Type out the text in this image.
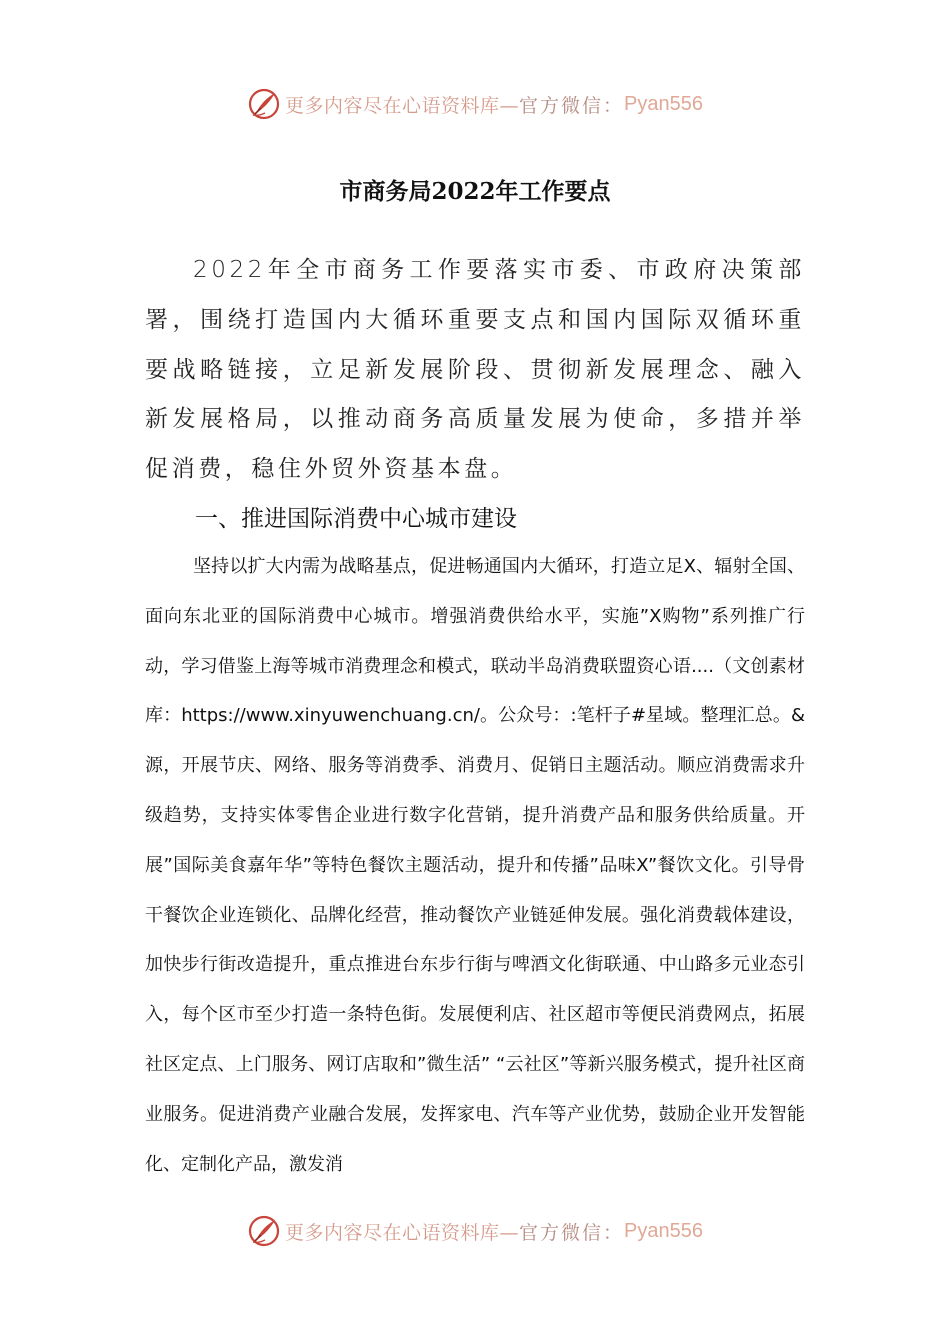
更多内容尽在心语资料库— 官方微信： Pyan556
市商务局2022年工作要点

2022年全市商务工作要落实市委、市政府决策部署，围绕打造国内大循环重要支点和国内国际双循环重要战略链接，立足新发展阶段、贯彻新发展理念、融入新发展格局，以推动商务高质量发展为使命，多措并举促消费，稳住外贸外资基本盘。

一、推进国际消费中心城市建设

坚持以扩大内需为战略基点，促进畅通国内大循环，打造立足X、辐射全国、面向东北亚的国际消费中心城市。增强消费供给水平，实施”X购物”系列推广行动，学习借鉴上海等城市消费理念和模式，联动半岛消费联盟资心语....（文创素材库：https://www.xinyuwenchuang.cn/。公众号：:笔杆子#星域。整理汇总。&源，开展节庆、网络、服务等消费季、消费月、促销日主题活动。顺应消费需求升级趋势，支持实体零售企业进行数字化营销，提升消费产品和服务供给质量。开展”国际美食嘉年华”等特色餐饮主题活动，提升和传播”品味X”餐饮文化。引导骨干餐饮企业连锁化、品牌化经营，推动餐饮产业链延伸发展。强化消费载体建设，加快步行街改造提升，重点推进台东步行街与啤酒文化街联通、中山路多元业态引入，每个区市至少打造一条特色街。发展便利店、社区超市等便民消费网点，拓展社区定点、上门服务、网订店取和”微生活” “云社区”等新兴服务模式，提升社区商业服务。促进消费产业融合发展，发挥家电、汽车等产业优势，鼓励企业开发智能化、定制化产品，激发消

更多内容尽在心语资料库— 官方微信： Pyan556
